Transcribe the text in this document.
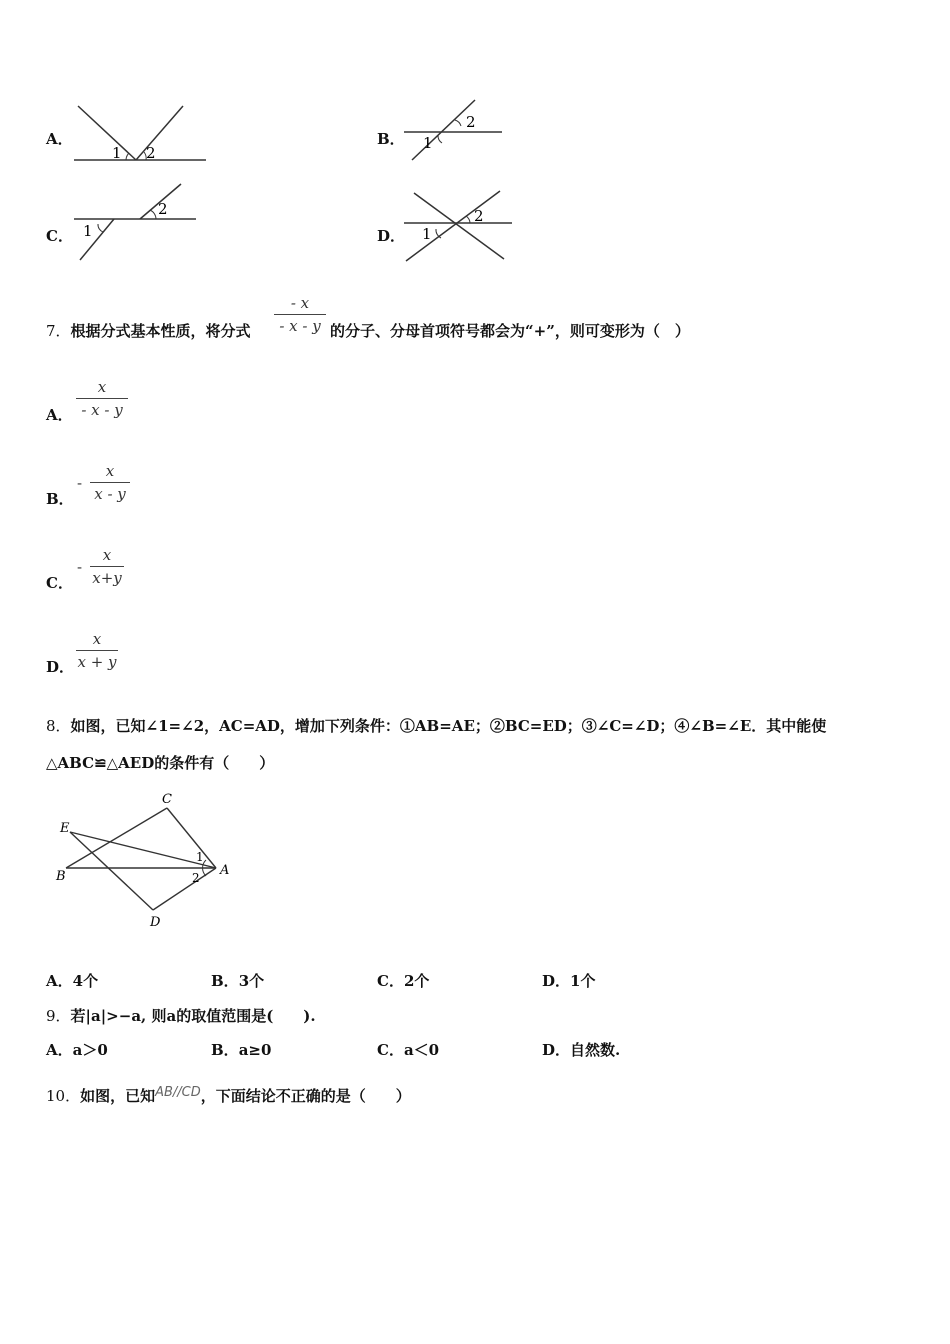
A．
1 2
B． 1
2
C． 1
2
D． 1
2
7．根据分式基本性质，将分式 $\frac{- x}{- x - y}$ 的分子、分母首项符号都会为“+”，则可变形为（　）
A． $\frac{x}{- x - y}$
B．
- $\frac{x}{x - y}$
C．
- $\frac{x}{x+y}$
D． $\frac{x}{x + y}$
8．如图，已知∠1=∠2，AC=AD，增加下列条件：①AB=AE；②BC=ED；③∠C=∠D；④∠B=∠E．其中能使
△ABC≌△AED的条件有（　　）
C
E
B	A
D
1
2
A．4个	B．3个	C．2个	D．1个
9．若|a|>−a, 则a的取值范围是(　　).
A．a＞0	B．a≥0	C．a＜0	D．自然数.
10．如图，已知AB//CD，下面结论不正确的是（　　）
